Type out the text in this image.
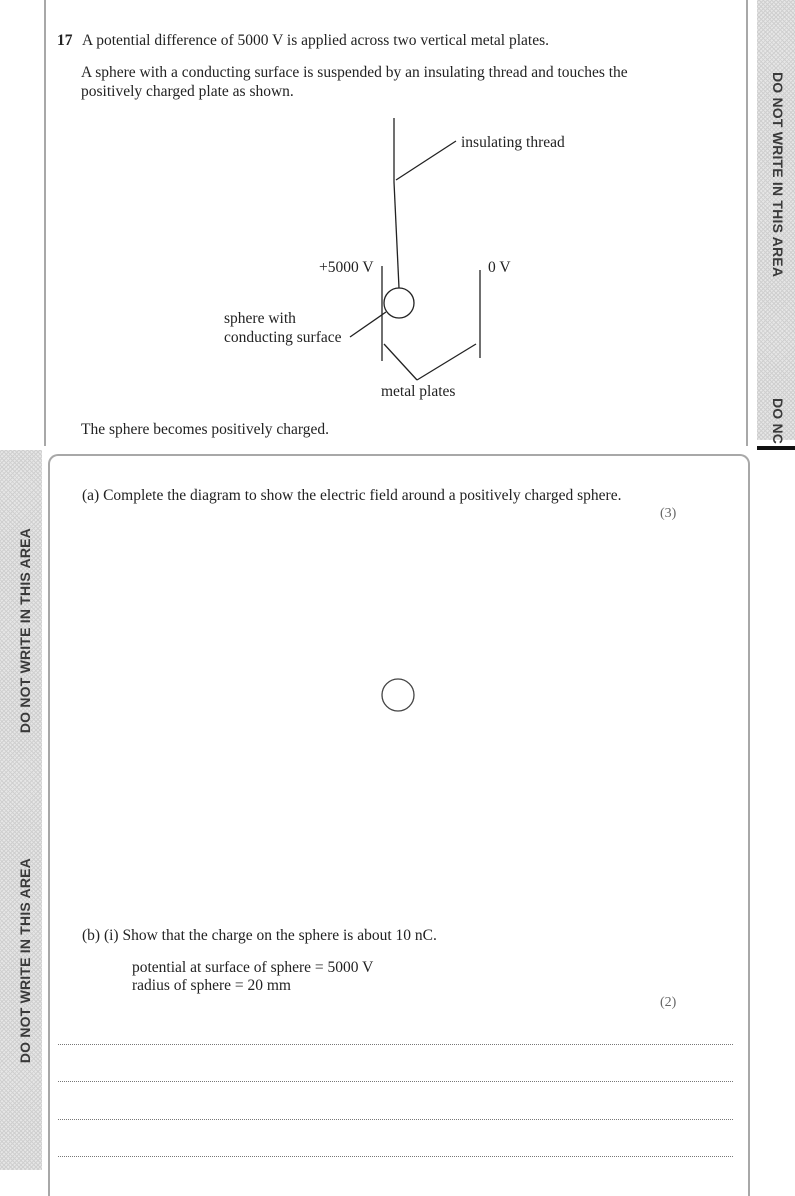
DO NOT WRITE IN THIS AREA
DO NC
DO NOT WRITE IN THIS AREA
DO NOT WRITE IN THIS AREA
17 A potential difference of 5000 V is applied across two vertical metal plates.
A sphere with a conducting surface is suspended by an insulating thread and touches the
positively charged plate as shown.
insulating thread
+5000 V	0 V
sphere with
conducting surface
metal plates
The sphere becomes positively charged.
(a) Complete the diagram to show the electric field around a positively charged sphere.
(3)
(b) (i) Show that the charge on the sphere is about 10 nC.
potential at surface of sphere = 5000 V
radius of sphere = 20 mm
(2)
